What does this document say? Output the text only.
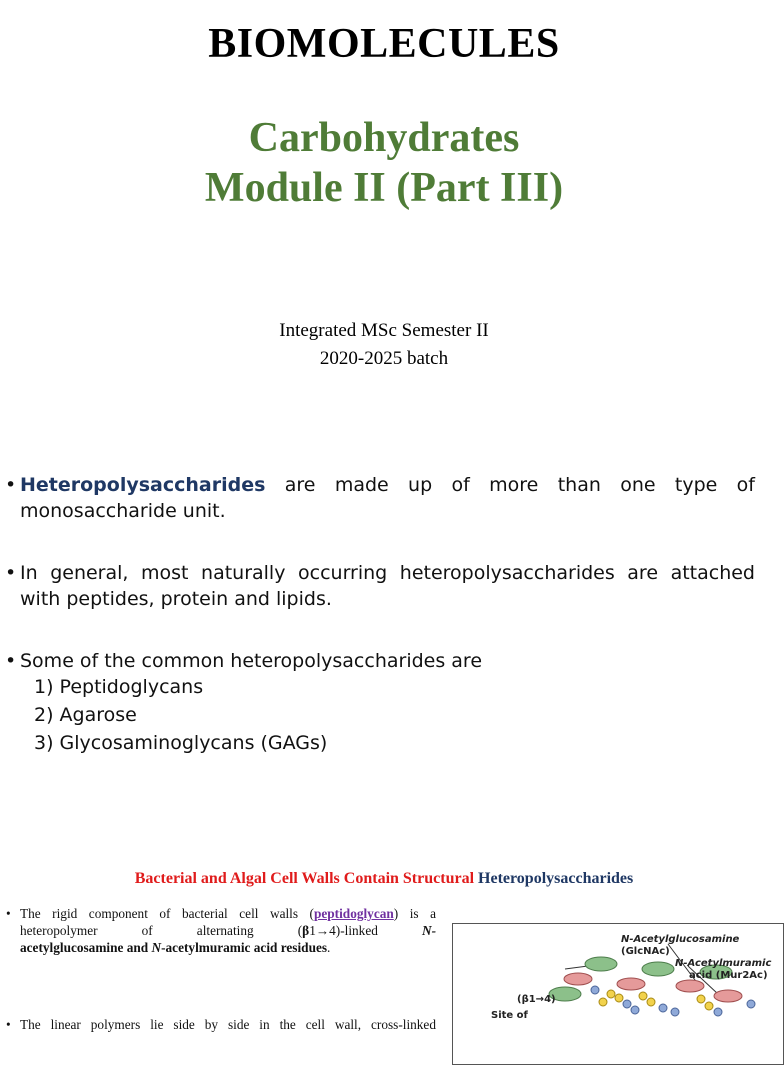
BIOMOLECULES
Carbohydrates
Module II (Part III)
Integrated MSc Semester II
2020-2025 batch
• Heteropolysaccharides are made up of more than one type of monosaccharide unit.
• In general, most naturally occurring heteropolysaccharides are attached with peptides, protein and lipids.
• Some of the common heteropolysaccharides are
1) Peptidoglycans
2) Agarose
3) Glycosaminoglycans (GAGs)
Bacterial and Algal Cell Walls Contain Structural Heteropolysaccharides
• The rigid component of bacterial cell walls (peptidoglycan) is a
heteropolymer of alternating (β1→4)-linked N-
acetylglucosamine and N-acetylmuramic acid residues.
• The linear polymers lie side by side in the cell wall, cross-linked
N-Acetylglucosamine
(GlcNAc)
N-Acetylmuramic
acid (Mur2Ac)
(β1→4)
Site of
